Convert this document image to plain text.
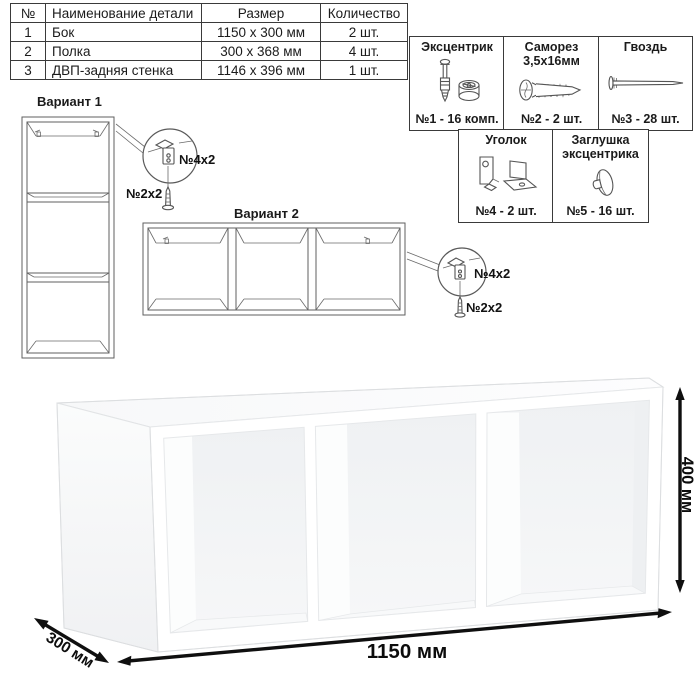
№	Наименование детали	Размер	Количество
1	Бок	1150 x 300 мм	2 шт.
2	Полка	300 x 368 мм	4 шт.
3	ДВП-задняя стенка	1146 x 396 мм	1 шт.
Эксцентрик
№1 - 16 комп.
Саморез 3,5х16мм
№2 - 2 шт.
Гвоздь
№3 - 28 шт.
Уголок
№4 - 2 шт.
Заглушка эксцентрика
№5 - 16 шт.
Вариант 1
№4х2
№2х2
Вариант 2
№4х2
№2х2
1150 мм
300 мм
400 мм
